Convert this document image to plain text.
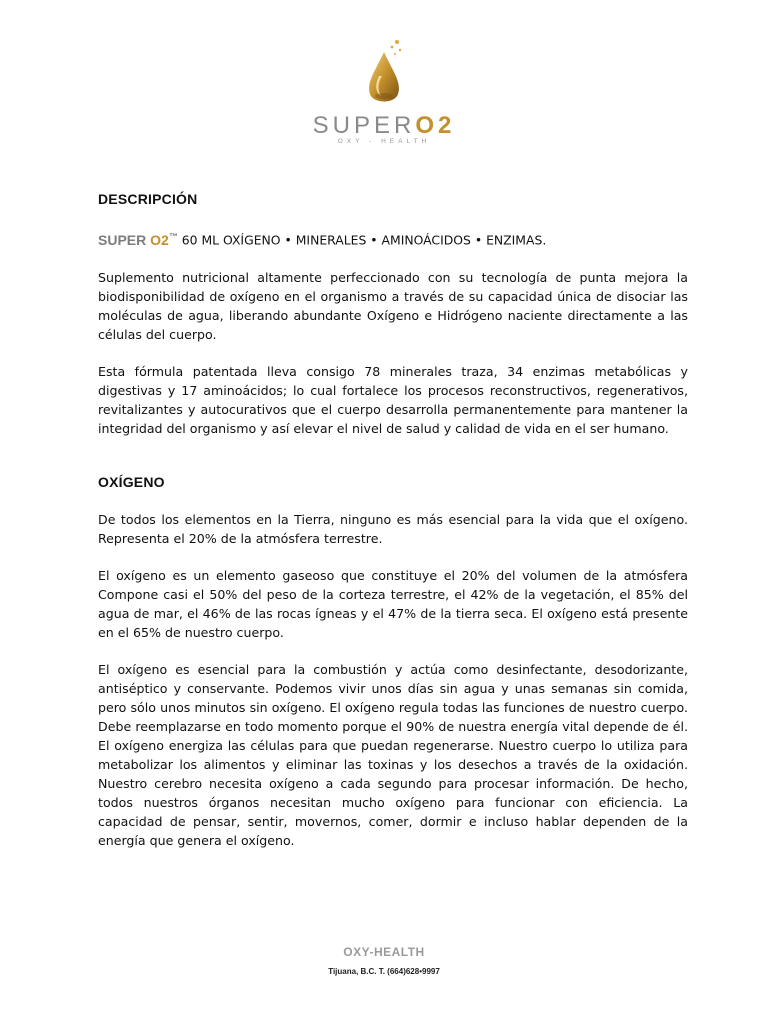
SUPERO2
OXY - HEALTH
DESCRIPCIÓN
SUPER O2™ 60 ML OXÍGENO • MINERALES • AMINOÁCIDOS • ENZIMAS.

Suplemento nutricional altamente perfeccionado con su tecnología de punta mejora la biodisponibilidad de oxígeno en el organismo a través de su capacidad única de disociar las moléculas de agua, liberando abundante Oxígeno e Hidrógeno naciente directamente a las células del cuerpo.

Esta fórmula patentada lleva consigo 78 minerales traza, 34 enzimas metabólicas y digestivas y 17 aminoácidos; lo cual fortalece los procesos reconstructivos, regenerativos, revitalizantes y autocurativos que el cuerpo desarrolla permanentemente para mantener la integridad del organismo y así elevar el nivel de salud y calidad de vida en el ser humano.

OXÍGENO

De todos los elementos en la Tierra, ninguno es más esencial para la vida que el oxígeno. Representa el 20% de la atmósfera terrestre.

El oxígeno es un elemento gaseoso que constituye el 20% del volumen de la atmósfera Compone casi el 50% del peso de la corteza terrestre, el 42% de la vegetación, el 85% del agua de mar, el 46% de las rocas ígneas y el 47% de la tierra seca. El oxígeno está presente en el 65% de nuestro cuerpo.

El oxígeno es esencial para la combustión y actúa como desinfectante, desodorizante, antiséptico y conservante. Podemos vivir unos días sin agua y unas semanas sin comida, pero sólo unos minutos sin oxígeno. El oxígeno regula todas las funciones de nuestro cuerpo. Debe reemplazarse en todo momento porque el 90% de nuestra energía vital depende de él. El oxígeno energiza las células para que puedan regenerarse. Nuestro cuerpo lo utiliza para metabolizar los alimentos y eliminar las toxinas y los desechos a través de la oxidación. Nuestro cerebro necesita oxígeno a cada segundo para procesar información. De hecho, todos nuestros órganos necesitan mucho oxígeno para funcionar con eficiencia. La capacidad de pensar, sentir, movernos, comer, dormir e incluso hablar dependen de la energía que genera el oxígeno.

OXY-HEALTH
Tijuana, B.C. T. (664)628•9997
